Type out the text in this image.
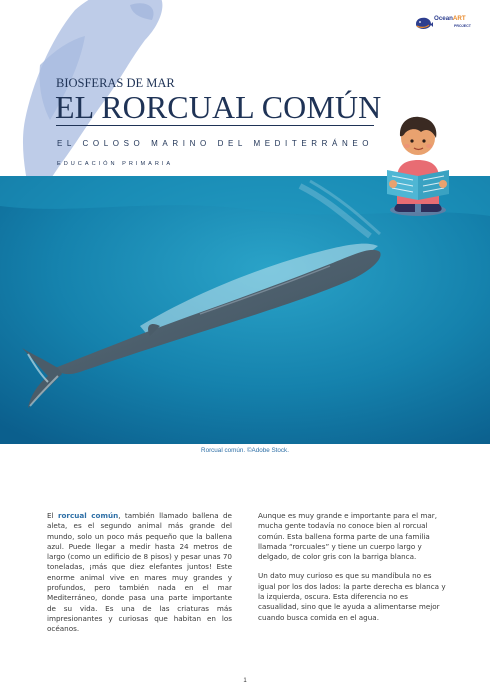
OceanART
PROJECT
BIOSFERAS DE MAR
EL RORCUAL COMÚN
EL COLOSO MARINO DEL MEDITERRÁNEO
EDUCACIÓN PRIMARIA
Rorcual común. ©Adobe Stock.

El rorcual común, también llamado ballena de aleta, es el segundo animal más grande del mundo, solo un poco más pequeño que la ballena azul. Puede llegar a medir hasta 24 metros de largo (como un edificio de 8 pisos) y pesar unas 70 toneladas, ¡más que diez elefantes juntos! Este enorme animal vive en mares muy grandes y profundos, pero también nada en el mar Mediterráneo, donde pasa una parte importante de su vida. Es una de las criaturas más impresionantes y curiosas que habitan en los océanos.

Aunque es muy grande e importante para el mar, mucha gente todavía no conoce bien al rorcual común. Esta ballena forma parte de una familia llamada “rorcuales” y tiene un cuerpo largo y delgado, de color gris con la barriga blanca.

Un dato muy curioso es que su mandíbula no es igual por los dos lados: la parte derecha es blanca y la izquierda, oscura. Esta diferencia no es casualidad, sino que le ayuda a alimentarse mejor cuando busca comida en el agua.

1
